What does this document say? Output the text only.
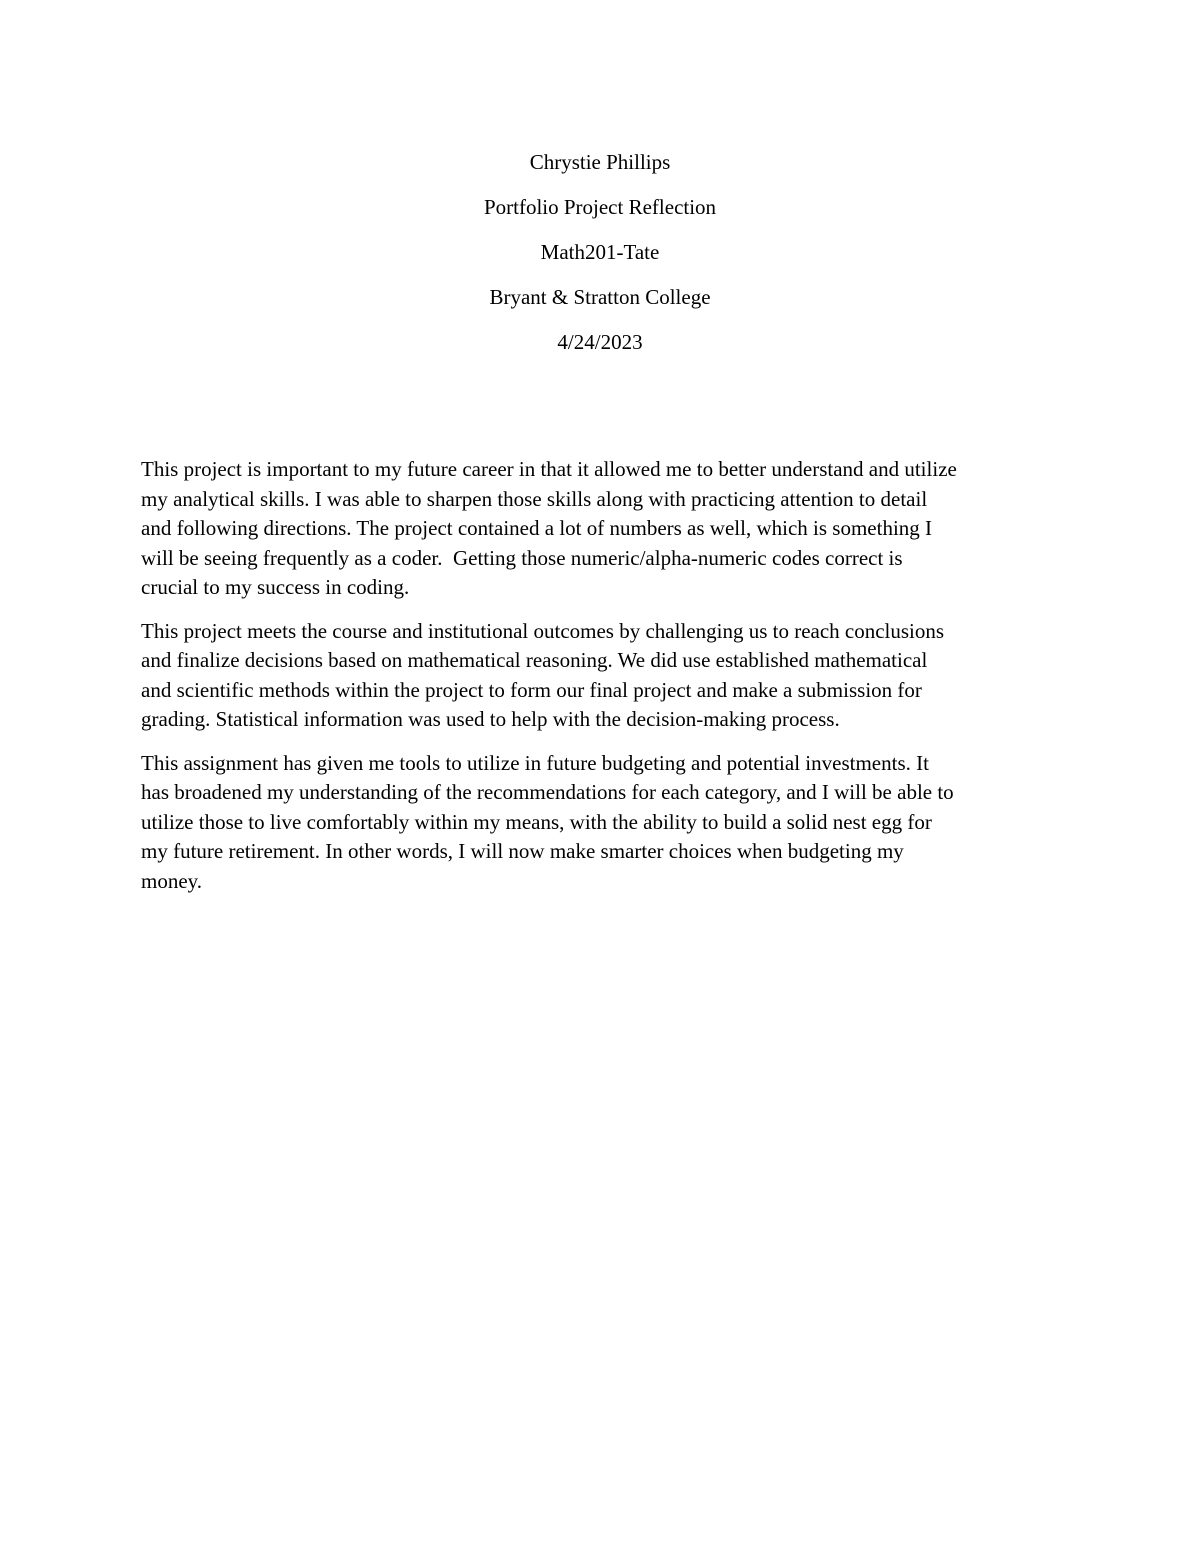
Chrystie Phillips
Portfolio Project Reflection
Math201-Tate
Bryant & Stratton College
4/24/2023

This project is important to my future career in that it allowed me to better understand and utilize
my analytical skills. I was able to sharpen those skills along with practicing attention to detail
and following directions. The project contained a lot of numbers as well, which is something I
will be seeing frequently as a coder.  Getting those numeric/alpha-numeric codes correct is
crucial to my success in coding.

This project meets the course and institutional outcomes by challenging us to reach conclusions
and finalize decisions based on mathematical reasoning. We did use established mathematical
and scientific methods within the project to form our final project and make a submission for
grading. Statistical information was used to help with the decision-making process.

This assignment has given me tools to utilize in future budgeting and potential investments. It
has broadened my understanding of the recommendations for each category, and I will be able to
utilize those to live comfortably within my means, with the ability to build a solid nest egg for
my future retirement. In other words, I will now make smarter choices when budgeting my
money.
